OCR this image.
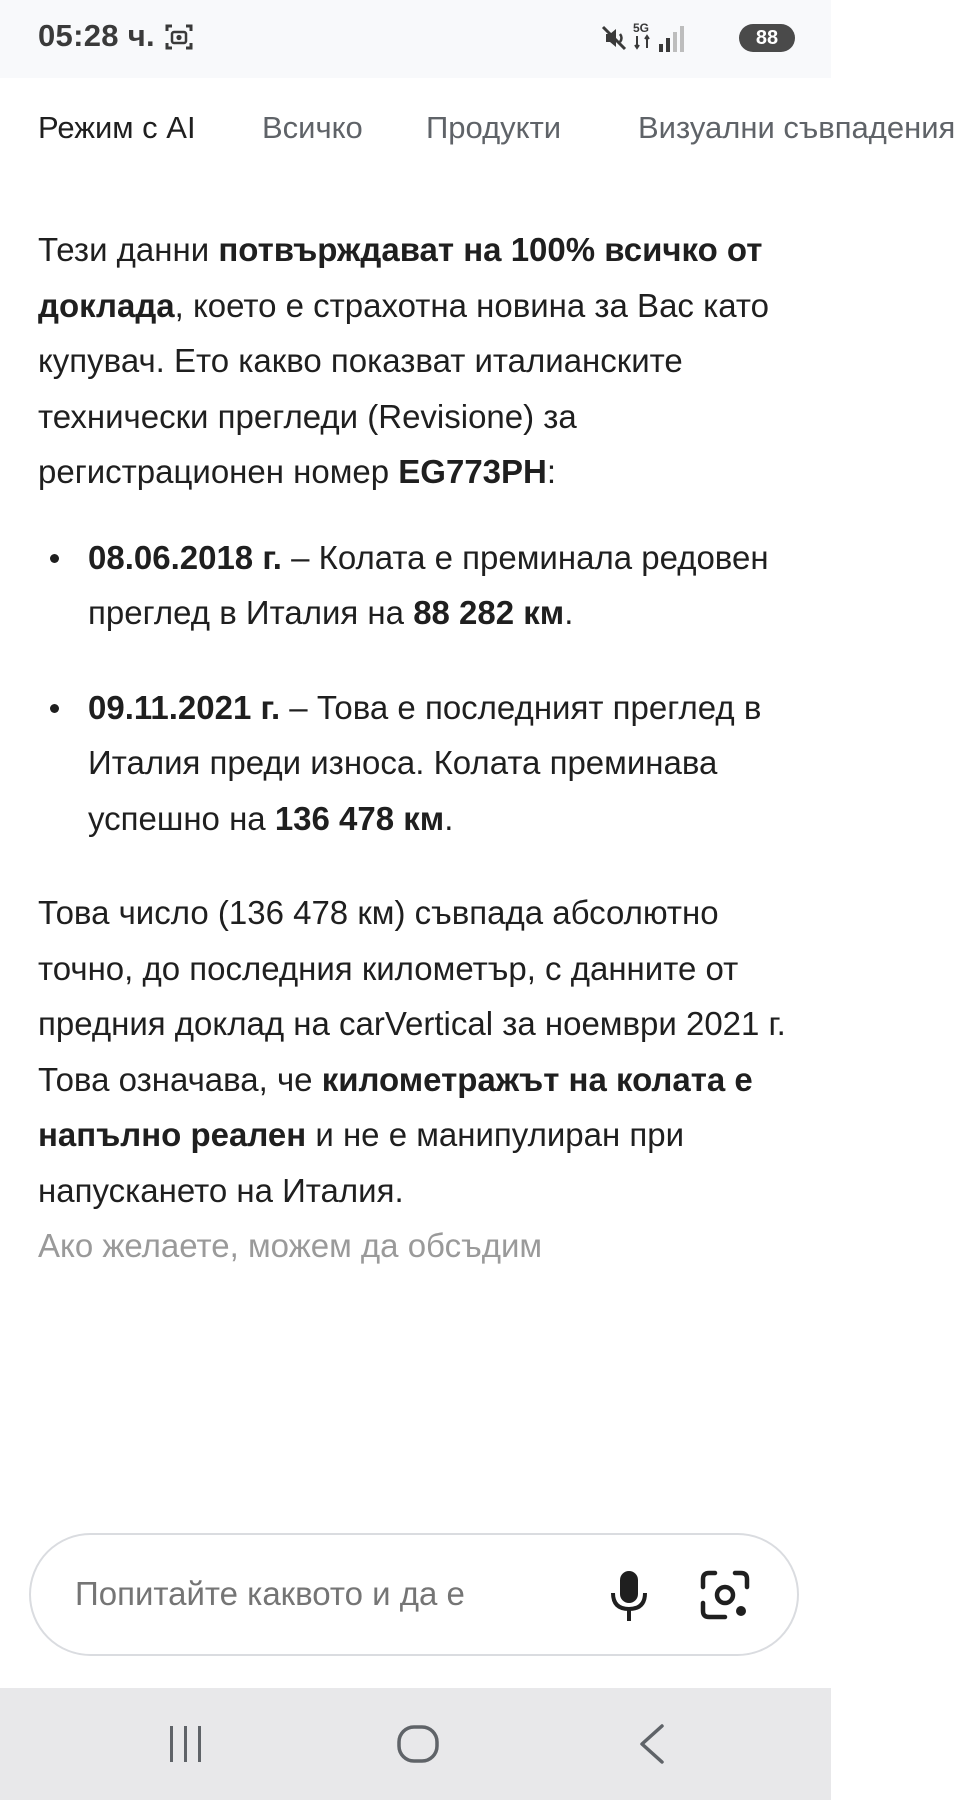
05:28 ч.	5G	88
Режим с AI Всичко Продукти Визуални съвпадения

Тези данни потвърждават на 100% всичко от доклада, което е страхотна новина за Вас като купувач. Ето какво показват италианските технически прегледи (Revisione) за регистрационен номер EG773PH:

08.06.2018 г. – Колата е преминала редовен преглед в Италия на 88 282 км.
09.11.2021 г. – Това е последният преглед в Италия преди износа. Колата преминава успешно на 136 478 км.

Това число (136 478 км) съвпада абсолютно точно, до последния километър, с данните от предния доклад на carVertical за ноември 2021 г. Това означава, че километражът на колата е напълно реален и не е манипулиран при напускането на Италия.

Ако желаете, можем да обсъдим

Попитайте каквото и да е
